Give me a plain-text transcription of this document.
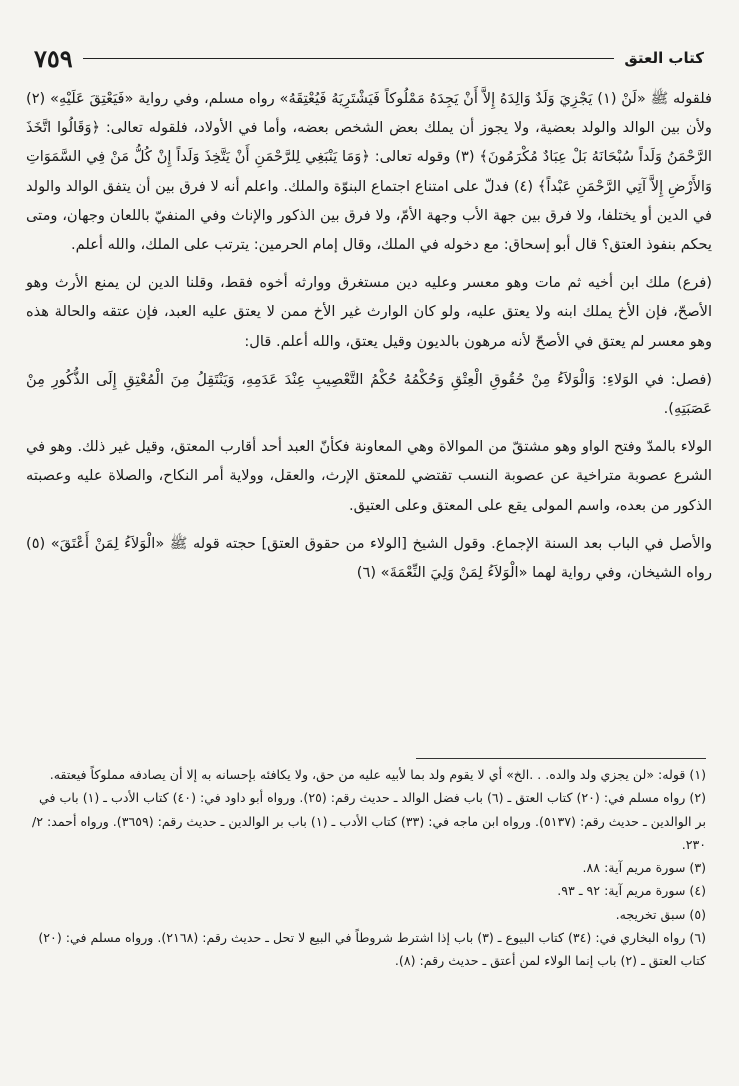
كتاب العتق
٧٥٩

فلقوله ﷺ «لَنْ (١) يَجْزِيَ وَلَدٌ وَالِدَهُ إِلاَّ أَنْ يَجِدَهُ مَمْلُوكاً فَيَشْتَرِيَهُ فَيُعْتِقَهُ» رواه مسلم، وفي رواية «فَيَعْتِقَ عَلَيْهِ» (٢) ولأن بين الوالد والولد بعضية، ولا يجوز أن يملك بعض الشخص بعضه، وأما في الأولاد، فلقوله تعالى: ﴿وَقَالُوا اتَّخَذَ الرَّحْمَنُ وَلَداً سُبْحَانَهُ بَلْ عِبَادٌ مُكْرَمُونَ﴾ (٣) وقوله تعالى: ﴿وَمَا يَنْبَغِي لِلرَّحْمَنِ أَنْ يَتَّخِذَ وَلَداً إِنْ كُلُّ مَنْ فِي السَّمَوَاتِ وَالأَرْضِ إِلاَّ آتِي الرَّحْمَنِ عَبْداً﴾ (٤) فدلّ على امتناع اجتماع البنوّة والملك. واعلم أنه لا فرق بين أن يتفق الوالد والولد في الدين أو يختلفا، ولا فرق بين جهة الأب وجهة الأمّ، ولا فرق بين الذكور والإناث وفي المنفيّ باللعان وجهان، ومتى يحكم بنفوذ العتق؟ قال أبو إسحاق: مع دخوله في الملك، وقال إمام الحرمين: يترتب على الملك، والله أعلم.

(فرع) ملك ابن أخيه ثم مات وهو معسر وعليه دين مستغرق ووارثه أخوه فقط، وقلنا الدين لن يمنع الأرث وهو الأصحّ، فإن الأخ يملك ابنه ولا يعتق عليه، ولو كان الوارث غير الأخ ممن لا يعتق عليه العبد، فإن عتقه والحالة هذه وهو معسر لم يعتق في الأصحّ لأنه مرهون بالديون وقيل يعتق، والله أعلم. قال:

(فصل: في الوَلاءِ: وَالْوَلاَءُ مِنْ حُقُوقِ الْعِتْقِ وَحُكْمُهُ حُكْمُ التَّعْصِيبِ عِنْدَ عَدَمِهِ، وَيَنْتَقِلُ مِنَ الْمُعْتِقِ إِلَى الذُّكُورِ مِنْ عَصَبَتِهِ).

الولاء بالمدّ وفتح الواو وهو مشتقّ من الموالاة وهي المعاونة فكأنّ العبد أحد أقارب المعتق، وقيل غير ذلك. وهو في الشرع عصوبة متراخية عن عصوبة النسب تقتضي للمعتق الإرث، والعقل، وولاية أمر النكاح، والصلاة عليه وعصبته الذكور من بعده، واسم المولى يقع على المعتق وعلى العتيق.

والأصل في الباب بعد السنة الإجماع. وقول الشيخ [الولاء من حقوق العتق] حجته قوله ﷺ «الْوَلاَءُ لِمَنْ أَعْتَقَ» (٥) رواه الشيخان، وفي رواية لهما «الْوَلاَءُ لِمَنْ وَلِيَ النِّعْمَةَ» (٦)

(١) قوله: «لن يجزي ولد والده. . .الخ» أي لا يقوم ولد بما لأبيه عليه من حق، ولا يكافئه بإحسانه به إلا أن يصادفه مملوكاً فيعتقه.

(٢) رواه مسلم في: (٢٠) كتاب العتق ـ (٦) باب فضل الوالد ـ حديث رقم: (٢٥). ورواه أبو داود في: (٤٠) كتاب الأدب ـ (١) باب في بر الوالدين ـ حديث رقم: (٥١٣٧). ورواه ابن ماجه في: (٣٣) كتاب الأدب ـ (١) باب بر الوالدين ـ حديث رقم: (٣٦٥٩). ورواه أحمد: ٢/ ٢٣٠.

(٣) سورة مريم آية: ٨٨.

(٤) سورة مريم آية: ٩٢ ـ ٩٣.

(٥) سبق تخريجه.

(٦) رواه البخاري في: (٣٤) كتاب البيوع ـ (٣) باب إذا اشترط شروطاً في البيع لا تحل ـ حديث رقم: (٢١٦٨). ورواه مسلم في: (٢٠) كتاب العتق ـ (٢) باب إنما الولاء لمن أعتق ـ حديث رقم: (٨).
